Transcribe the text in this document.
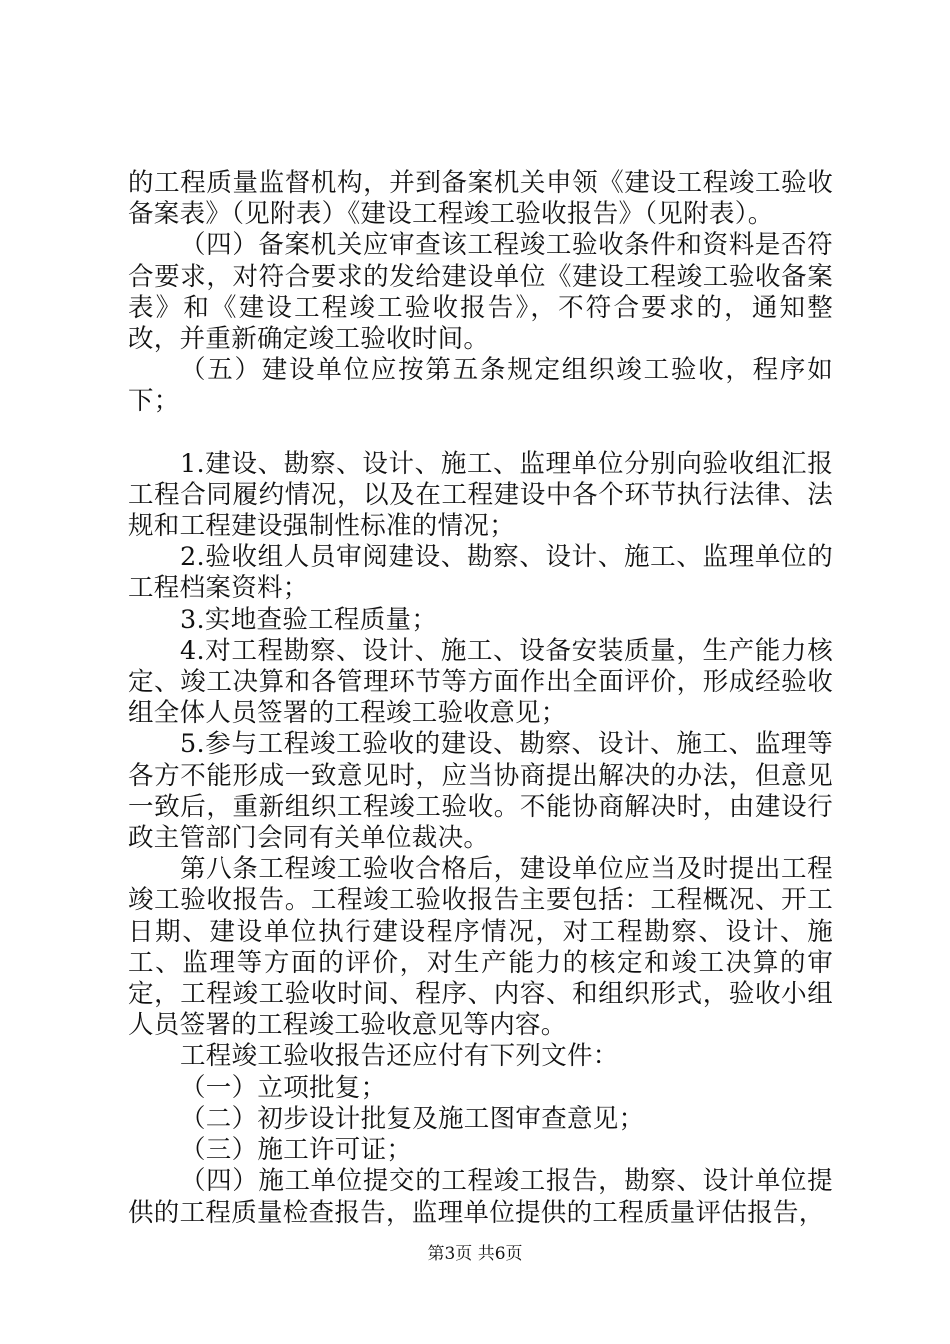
的工程质量监督机构，并到备案机关申领《建设工程竣工验收备案表》（见附表）《建设工程竣工验收报告》（见附表）。

（四）备案机关应审查该工程竣工验收条件和资料是否符合要求，对符合要求的发给建设单位《建设工程竣工验收备案表》和《建设工程竣工验收报告》，不符合要求的，通知整改，并重新确定竣工验收时间。

（五）建设单位应按第五条规定组织竣工验收，程序如下；

1.建设、勘察、设计、施工、监理单位分别向验收组汇报工程合同履约情况，以及在工程建设中各个环节执行法律、法规和工程建设强制性标准的情况；

2.验收组人员审阅建设、勘察、设计、施工、监理单位的工程档案资料；

3.实地查验工程质量；

4.对工程勘察、设计、施工、设备安装质量，生产能力核定、竣工决算和各管理环节等方面作出全面评价，形成经验收组全体人员签署的工程竣工验收意见；

5.参与工程竣工验收的建设、勘察、设计、施工、监理等各方不能形成一致意见时，应当协商提出解决的办法，但意见一致后，重新组织工程竣工验收。不能协商解决时，由建设行政主管部门会同有关单位裁决。

第八条工程竣工验收合格后，建设单位应当及时提出工程竣工验收报告。工程竣工验收报告主要包括：工程概况、开工日期、建设单位执行建设程序情况，对工程勘察、设计、施工、监理等方面的评价，对生产能力的核定和竣工决算的审定，工程竣工验收时间、程序、内容、和组织形式，验收小组人员签署的工程竣工验收意见等内容。

工程竣工验收报告还应付有下列文件：

（一）立项批复；

（二）初步设计批复及施工图审查意见；

（三）施工许可证；

（四）施工单位提交的工程竣工报告，勘察、设计单位提供的工程质量检查报告，监理单位提供的工程质量评估报告，

第3页 共6页
